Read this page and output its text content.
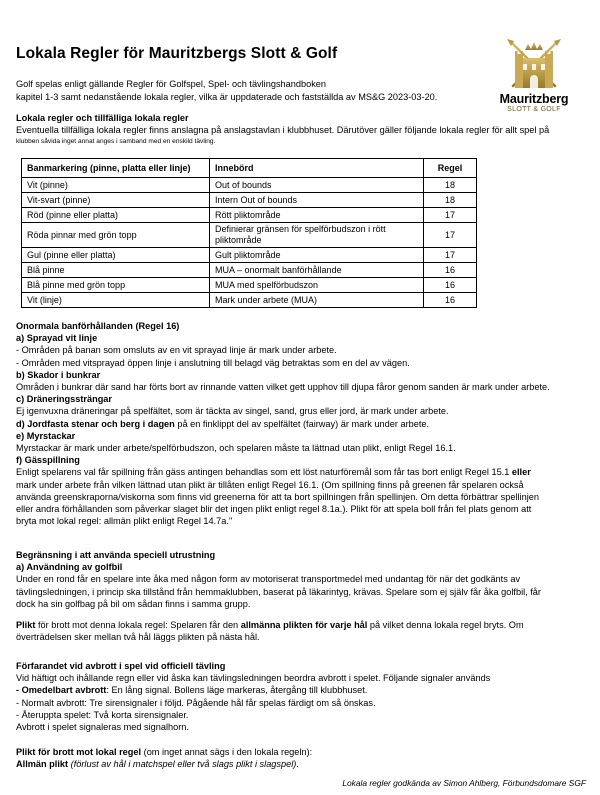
Lokala Regler för Mauritzbergs Slott & Golf
Mauritzberg
SLOTT & GOLF

Golf spelas enligt gällande Regler för Golfspel, Spel- och tävlingshandboken

kapitel 1-3 samt nedanstående lokala regler, vilka är uppdaterade och fastställda av MS&G 2023-03-20.

Lokala regler och tillfälliga lokala regler

Eventuella tillfälliga lokala regler finns anslagna på anslagstavlan i klubbhuset. Därutöver gäller följande lokala regler för allt spel på

klubben såvida inget annat anges i samband med en enskild tävling.

Banmarkering (pinne, platta eller linje)	Innebörd	Regel
Vit (pinne)	Out of bounds	18
Vit-svart (pinne)	Intern Out of bounds	18
Röd (pinne eller platta)	Rött pliktområde	17
Röda pinnar med grön topp	Definierar gränsen för spelförbudszon i rött pliktområde	17
Gul (pinne eller platta)	Gult pliktområde	17
Blå pinne	MUA – onormalt banförhållande	16
Blå pinne med grön topp	MUA med spelförbudszon	16
Vit (linje)	Mark under arbete (MUA)	16

Onormala banförhållanden (Regel 16)

a) Sprayad vit linje

- Områden på banan som omsluts av en vit sprayad linje är mark under arbete.

- Områden med vitsprayad öppen linje i anslutning till belagd väg betraktas som en del av vägen.

b) Skador i bunkrar

Områden i bunkrar där sand har förts bort av rinnande vatten vilket gett upphov till djupa fåror genom sanden är mark under arbete.

c) Dräneringssträngar

Ej igenvuxna dräneringar på spelfältet, som är täckta av singel, sand, grus eller jord, är mark under arbete.

d) Jordfasta stenar och berg i dagen på en finklippt del av spelfältet (fairway) är mark under arbete.

e) Myrstackar

Myrstackar är mark under arbete/spelförbudszon, och spelaren måste ta lättnad utan plikt, enligt Regel 16.1.

f) Gässpillning

Enligt spelarens val får spillning från gäss antingen behandlas som ett löst naturföremål som får tas bort enligt Regel 15.1 eller

mark under arbete från vilken lättnad utan plikt är tillåten enligt Regel 16.1. (Om spillning finns på greenen får spelaren också

använda greenskraporna/viskorna som finns vid greenerna för att ta bort spillningen från spellinjen. Om detta förbättrar spellinjen

eller andra förhållanden som påverkar slaget blir det ingen plikt enligt regel 8.1a.). Plikt för att spela boll från fel plats genom att

bryta mot lokal regel: allmän plikt enligt Regel 14.7a."

Begränsning i att använda speciell utrustning

a) Användning av golfbil

Under en rond får en spelare inte åka med någon form av motoriserat transportmedel med undantag för när det godkänts av

tävlingsledningen, i princip ska tillstånd från hemmaklubben, baserat på läkarintyg, krävas. Spelare som ej själv får åka golfbil, får

dock ha sin golfbag på bil om sådan finns i samma grupp.

Plikt för brott mot denna lokala regel: Spelaren får den allmänna plikten för varje hål på vilket denna lokala regel bryts. Om

överträdelsen sker mellan två hål läggs plikten på nästa hål.

Förfarandet vid avbrott i spel vid officiell tävling

Vid häftigt och ihållande regn eller vid åska kan tävlingsledningen beordra avbrott i spelet. Följande signaler används

- Omedelbart avbrott: En lång signal. Bollens läge markeras, återgång till klubbhuset.

- Normalt avbrott: Tre sirensignaler i följd. Pågående hål får spelas färdigt om så önskas.

- Återuppta spelet: Två korta sirensignaler.

Avbrott i spelet signaleras med signalhorn.

Plikt för brott mot lokal regel (om inget annat sägs i den lokala regeln):

Allmän plikt (förlust av hål i matchspel eller två slags plikt i slagspel).

Lokala regler godkända av Simon Ahlberg, Förbundsdomare SGF
